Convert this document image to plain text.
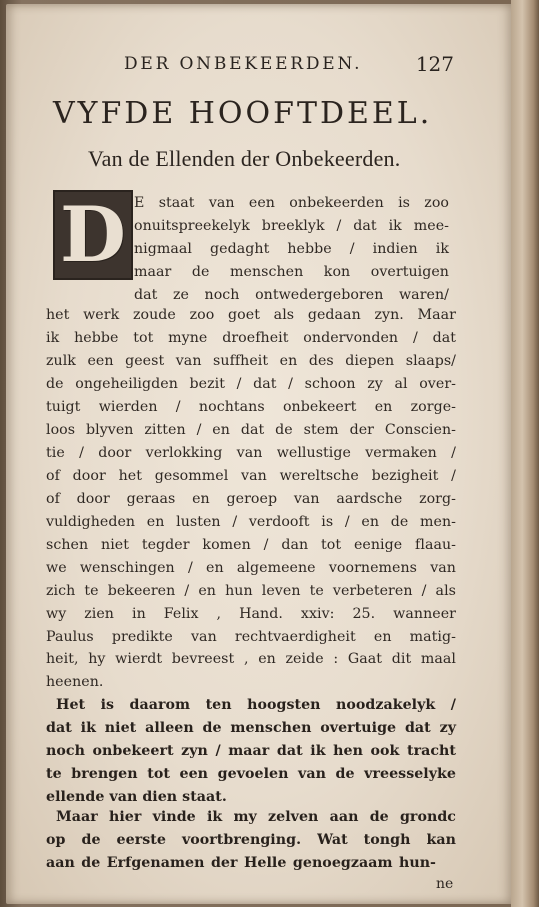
DER ONBEKEERDEN.	127
VYFDE HOOFTDEEL.
Van de Ellenden der Onbekeerden.
D E staat van een onbekeerden is zoo
onuitspreekelyk breeklyk / dat ik mee-
nigmaal gedaght hebbe / indien ik
maar de menschen kon overtuigen
dat ze noch ontwedergeboren waren/
het werk zoude zoo goet als gedaan zyn. Maar
ik hebbe tot myne droefheit ondervonden / dat
zulk een geest van suffheit en des diepen slaaps/
de ongeheiligden bezit / dat / schoon zy al over-
tuigt wierden / nochtans onbekeert en zorge-
loos blyven zitten / en dat de stem der Conscien-
tie / door verlokking van wellustige vermaken /
of door het gesommel van wereltsche bezigheit /
of door geraas en geroep van aardsche zorg-
vuldigheden en lusten / verdooft is / en de men-
schen niet tegder komen / dan tot eenige flaau-
we wenschingen / en algemeene voornemens van
zich te bekeeren / en hun leven te verbeteren / als
wy zien in Felix , Hand. xxiv: 25. wanneer
Paulus predikte van rechtvaerdigheit en matig-
heit, hy wierdt bevreest , en zeide : Gaat dit maal
heenen.
Het is daarom ten hoogsten noodzakelyk /
dat ik niet alleen de menschen overtuige dat zy
noch onbekeert zyn / maar dat ik hen ook tracht
te brengen tot een gevoelen van de vreesselyke
ellende van dien staat.
Maar hier vinde ik my zelven aan de grondc
op de eerste voortbrenging. Wat tongh kan
aan de Erfgenamen der Helle genoegzaam hun-
ne
